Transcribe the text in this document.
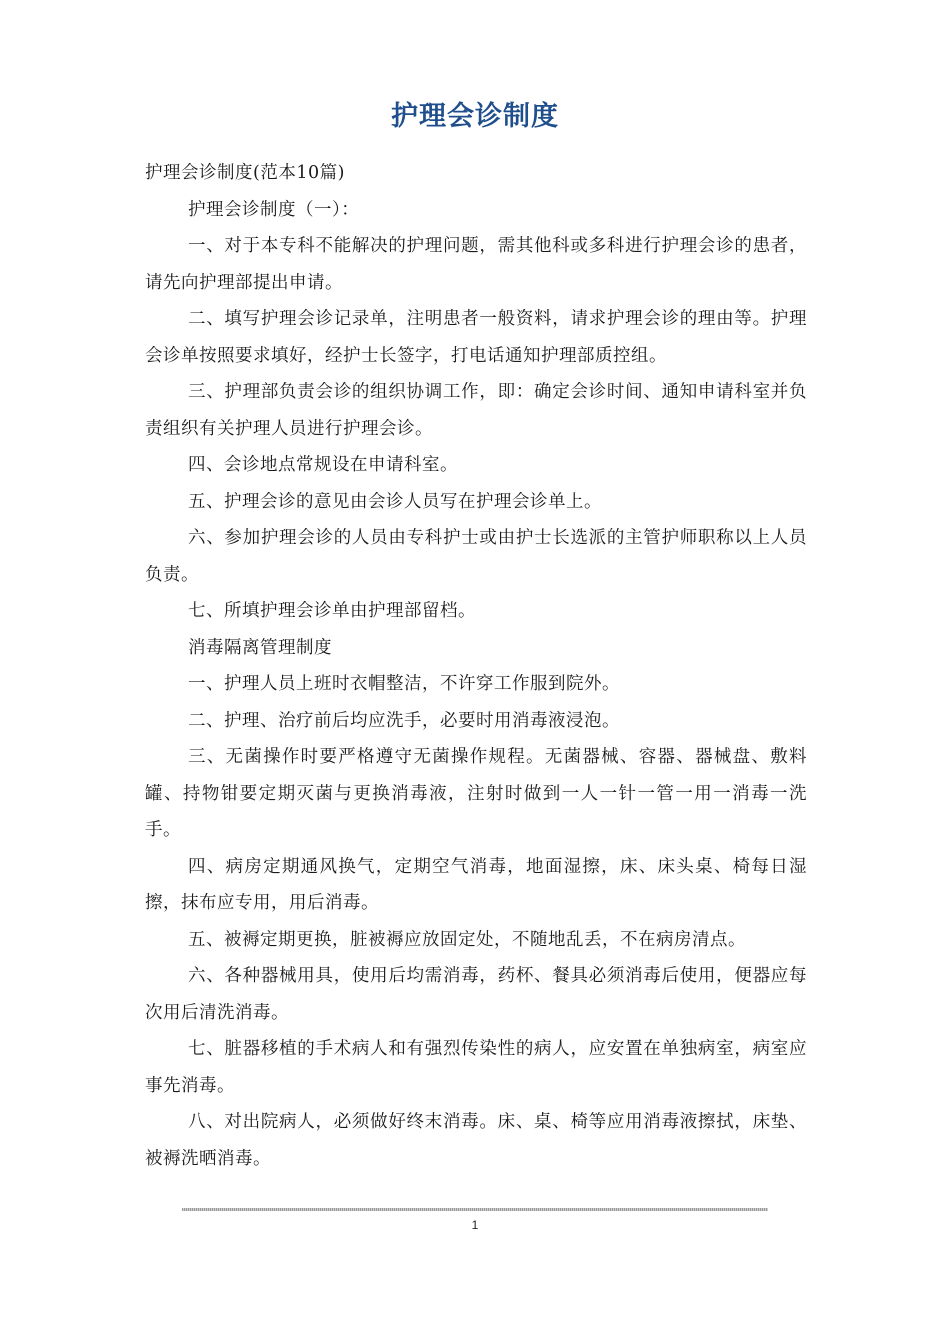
护理会诊制度

护理会诊制度(范本10篇)

护理会诊制度（一）：

一、对于本专科不能解决的护理问题，需其他科或多科进行护理会诊的患者，请先向护理部提出申请。

二、填写护理会诊记录单，注明患者一般资料，请求护理会诊的理由等。护理会诊单按照要求填好，经护士长签字，打电话通知护理部质控组。

三、护理部负责会诊的组织协调工作，即：确定会诊时间、通知申请科室并负责组织有关护理人员进行护理会诊。

四、会诊地点常规设在申请科室。

五、护理会诊的意见由会诊人员写在护理会诊单上。

六、参加护理会诊的人员由专科护士或由护士长选派的主管护师职称以上人员负责。

七、所填护理会诊单由护理部留档。

消毒隔离管理制度

一、护理人员上班时衣帽整洁，不许穿工作服到院外。

二、护理、治疗前后均应洗手，必要时用消毒液浸泡。

三、无菌操作时要严格遵守无菌操作规程。无菌器械、容器、器械盘、敷料罐、持物钳要定期灭菌与更换消毒液，注射时做到一人一针一管一用一消毒一洗手。

四、病房定期通风换气，定期空气消毒，地面湿擦，床、床头桌、椅每日湿擦，抹布应专用，用后消毒。

五、被褥定期更换，脏被褥应放固定处，不随地乱丢，不在病房清点。

六、各种器械用具，使用后均需消毒，药杯、餐具必须消毒后使用，便器应每次用后清洗消毒。

七、脏器移植的手术病人和有强烈传染性的病人，应安置在单独病室，病室应事先消毒。

八、对出院病人，必须做好终末消毒。床、桌、椅等应用消毒液擦拭，床垫、被褥洗晒消毒。

1
